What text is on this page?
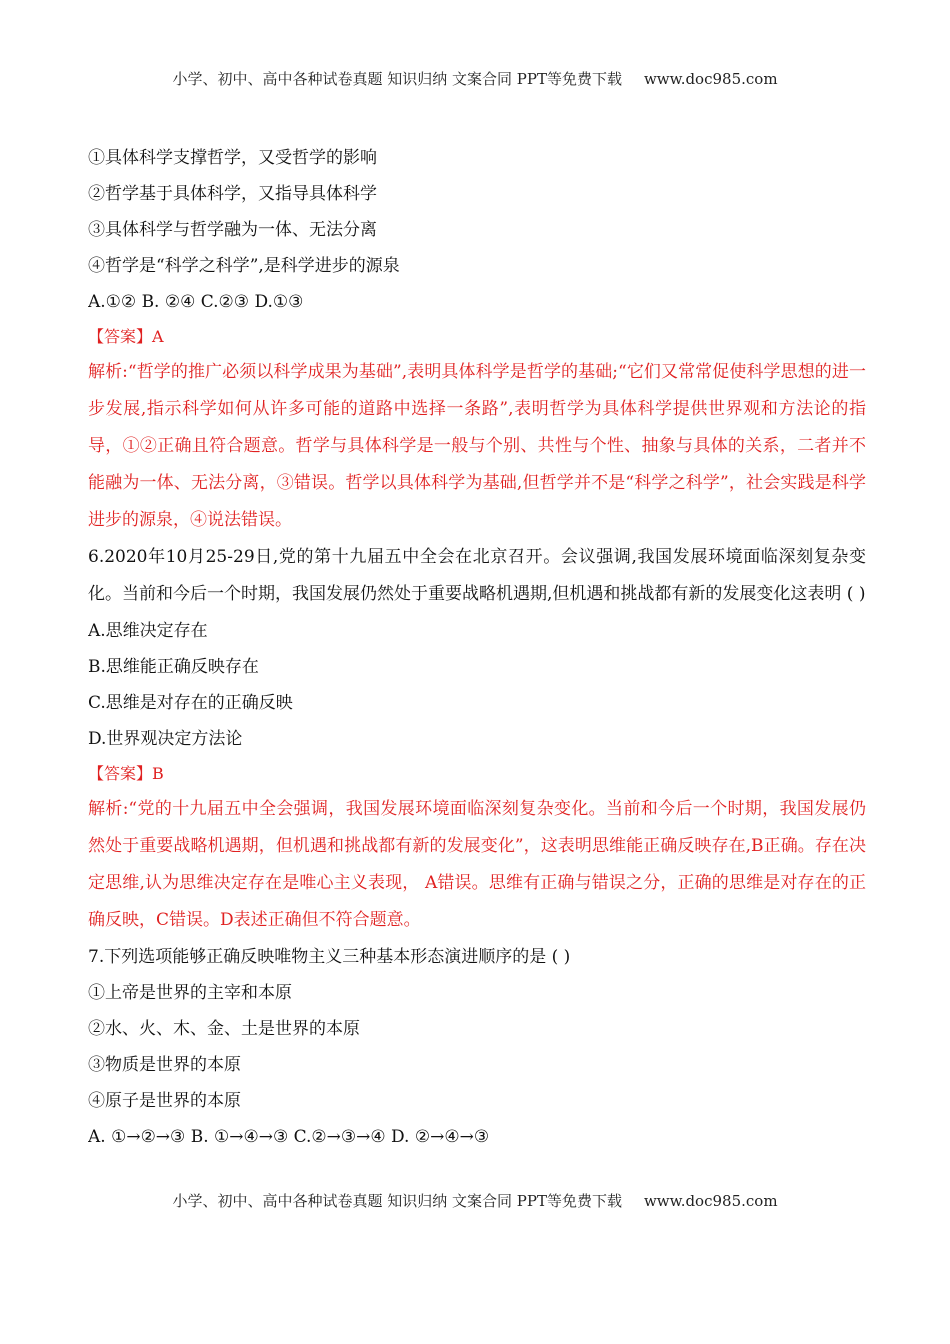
小学、初中、高中各种试卷真题 知识归纳 文案合同 PPT等免费下载 www.doc985.com
①具体科学支撑哲学，又受哲学的影响
②哲学基于具体科学，又指导具体科学
③具体科学与哲学融为一体、无法分离
④哲学是“科学之科学”,是科学进步的源泉
A.①② B. ②④ C.②③ D.①③
【答案】A
解析:“哲学的推广必须以科学成果为基础”,表明具体科学是哲学的基础;“它们又常常促使科学思想的进一步发展,指示科学如何从许多可能的道路中选择一条路”,表明哲学为具体科学提供世界观和方法论的指导，①②正确且符合题意。哲学与具体科学是一般与个别、共性与个性、抽象与具体的关系，二者并不能融为一体、无法分离，③错误。哲学以具体科学为基础,但哲学并不是“科学之科学”，社会实践是科学进步的源泉，④说法错误。
6.2020年10月25-29日,党的第十九届五中全会在北京召开。会议强调,我国发展环境面临深刻复杂变化。当前和今后一个时期，我国发展仍然处于重要战略机遇期,但机遇和挑战都有新的发展变化这表明 ( )
A.思维决定存在
B.思维能正确反映存在
C.思维是对存在的正确反映
D.世界观决定方法论
【答案】B
解析:“党的十九届五中全会强调，我国发展环境面临深刻复杂变化。当前和今后一个时期，我国发展仍然处于重要战略机遇期，但机遇和挑战都有新的发展变化”，这表明思维能正确反映存在,B正确。存在决定思维,认为思维决定存在是唯心主义表现， A错误。思维有正确与错误之分，正确的思维是对存在的正确反映，C错误。D表述正确但不符合题意。
7.下列选项能够正确反映唯物主义三种基本形态演进顺序的是 ( )
①上帝是世界的主宰和本原
②水、火、木、金、土是世界的本原
③物质是世界的本原
④原子是世界的本原
A. ①→②→③ B. ①→④→③ C.②→③→④ D. ②→④→③
小学、初中、高中各种试卷真题 知识归纳 文案合同 PPT等免费下载 www.doc985.com
